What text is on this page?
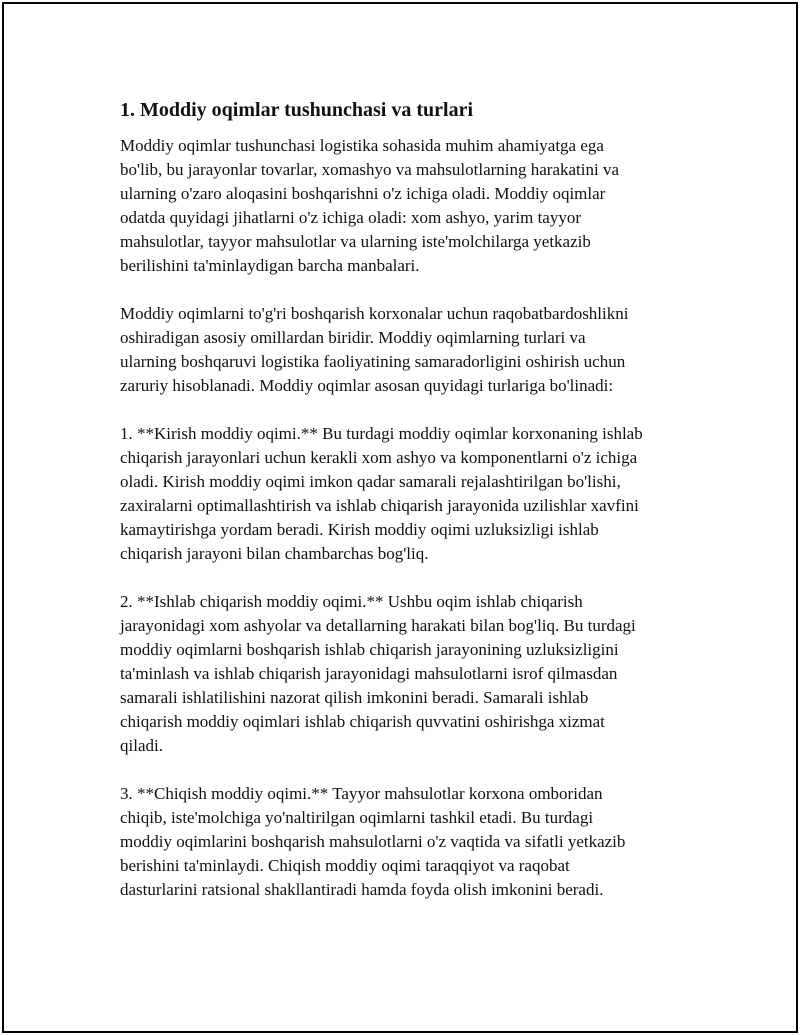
1. Moddiy oqimlar tushunchasi va turlari

Moddiy oqimlar tushunchasi logistika sohasida muhim ahamiyatga ega
bo'lib, bu jarayonlar tovarlar, xomashyo va mahsulotlarning harakatini va
ularning o'zaro aloqasini boshqarishni o'z ichiga oladi. Moddiy oqimlar
odatda quyidagi jihatlarni o'z ichiga oladi: xom ashyo, yarim tayyor
mahsulotlar, tayyor mahsulotlar va ularning iste'molchilarga yetkazib
berilishini ta'minlaydigan barcha manbalari.

Moddiy oqimlarni to'g'ri boshqarish korxonalar uchun raqobatbardoshlikni
oshiradigan asosiy omillardan biridir. Moddiy oqimlarning turlari va
ularning boshqaruvi logistika faoliyatining samaradorligini oshirish uchun
zaruriy hisoblanadi. Moddiy oqimlar asosan quyidagi turlariga bo'linadi:

1. **Kirish moddiy oqimi.** Bu turdagi moddiy oqimlar korxonaning ishlab
chiqarish jarayonlari uchun kerakli xom ashyo va komponentlarni o'z ichiga
oladi. Kirish moddiy oqimi imkon qadar samarali rejalashtirilgan bo'lishi,
zaxiralarni optimallashtirish va ishlab chiqarish jarayonida uzilishlar xavfini
kamaytirishga yordam beradi. Kirish moddiy oqimi uzluksizligi ishlab
chiqarish jarayoni bilan chambarchas bog'liq.

2. **Ishlab chiqarish moddiy oqimi.** Ushbu oqim ishlab chiqarish
jarayonidagi xom ashyolar va detallarning harakati bilan bog'liq. Bu turdagi
moddiy oqimlarni boshqarish ishlab chiqarish jarayonining uzluksizligini
ta'minlash va ishlab chiqarish jarayonidagi mahsulotlarni isrof qilmasdan
samarali ishlatilishini nazorat qilish imkonini beradi. Samarali ishlab
chiqarish moddiy oqimlari ishlab chiqarish quvvatini oshirishga xizmat
qiladi.

3. **Chiqish moddiy oqimi.** Tayyor mahsulotlar korxona omboridan
chiqib, iste'molchiga yo'naltirilgan oqimlarni tashkil etadi. Bu turdagi
moddiy oqimlarini boshqarish mahsulotlarni o'z vaqtida va sifatli yetkazib
berishini ta'minlaydi. Chiqish moddiy oqimi taraqqiyot va raqobat
dasturlarini ratsional shakllantiradi hamda foyda olish imkonini beradi.
